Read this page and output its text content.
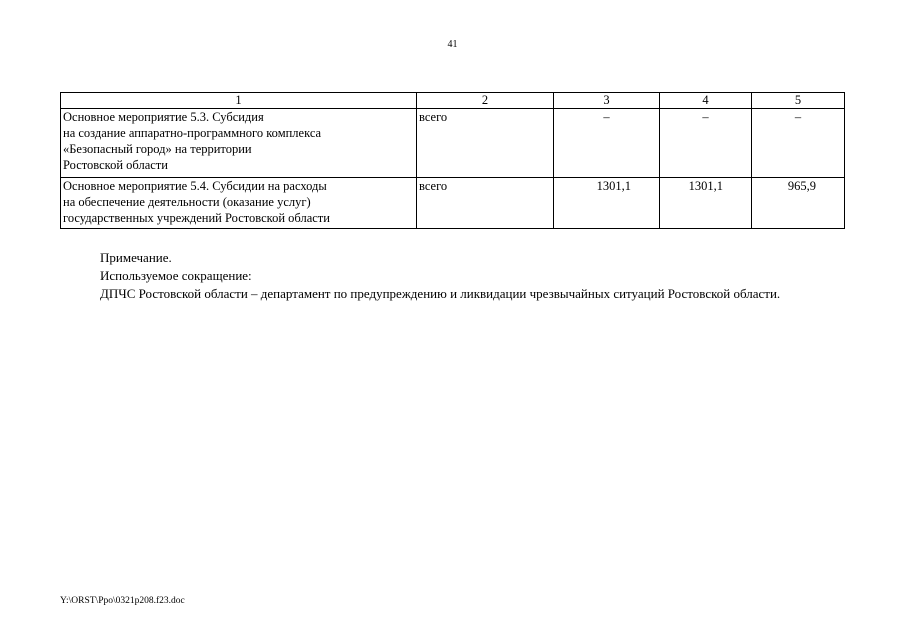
41
1	2	3	4	5
Основное мероприятие 5.3. Субсидия
на создание аппаратно-программного комплекса
«Безопасный город» на территории
Ростовской области	всего	–	–	–
Основное мероприятие 5.4. Субсидии на расходы
на обеспечение деятельности (оказание услуг)
государственных учреждений Ростовской области	всего	1301,1	1301,1	965,9

Примечание.

Используемое сокращение:

ДПЧС Ростовской области – департамент по предупреждению и ликвидации чрезвычайных ситуаций Ростовской области.

Y:\ORST\Ppo\0321p208.f23.doc
